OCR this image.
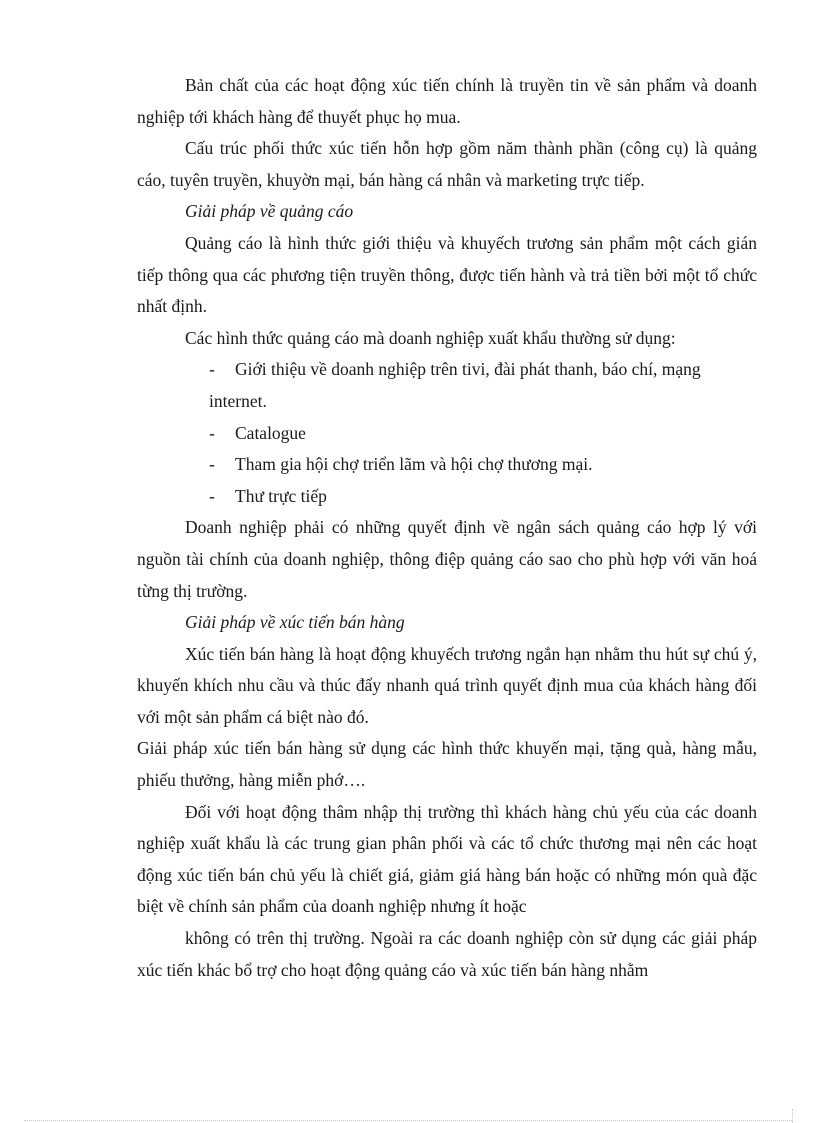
Bản chất của các hoạt động xúc tiến chính là truyền tin về sản phẩm và doanh nghiệp tới khách hàng để thuyết phục họ mua.

Cấu trúc phối thức xúc tiến hỗn hợp gồm năm thành phần (công cụ) là quảng cáo, tuyên truyền, khuyờn mại, bán hàng cá nhân và marketing trực tiếp.

Giải pháp về quảng cáo

Quảng cáo là hình thức giới thiệu và khuyếch trương sản phẩm một cách gián tiếp thông qua các phương tiện truyền thông, được tiến hành và trả tiền bởi một tổ chức nhất định.

Các hình thức quảng cáo mà doanh nghiệp xuất khẩu thường sử dụng:

-	Giới thiệu về doanh nghiệp trên tivi, đài phát thanh, báo chí, mạng
internet.
-	Catalogue
-	Tham gia hội chợ triển lãm và hội chợ thương mại.
-	Thư trực tiếp

Doanh nghiệp phải có những quyết định về ngân sách quảng cáo hợp lý với nguồn tài chính của doanh nghiệp, thông điệp quảng cáo sao cho phù hợp với văn hoá từng thị trường.

Giải pháp về xúc tiến bán hàng

Xúc tiến bán hàng là hoạt động khuyếch trương ngắn hạn nhằm thu hút sự chú ý, khuyến khích nhu cầu và thúc đẩy nhanh quá trình quyết định mua của khách hàng đối với một sản phẩm cá biệt nào đó.

Giải pháp xúc tiến bán hàng sử dụng các hình thức khuyến mại, tặng quà, hàng mẫu, phiếu thưởng, hàng miễn phớ….

Đối với hoạt động thâm nhập thị trường thì khách hàng chủ yếu của các doanh nghiệp xuất khẩu là các trung gian phân phối và các tổ chức thương mại nên các hoạt động xúc tiến bán chủ yếu là chiết giá, giảm giá hàng bán hoặc có những món quà đặc biệt về chính sản phẩm của doanh nghiệp nhưng ít hoặc

không có trên thị trường. Ngoài ra các doanh nghiệp còn sử dụng các giải pháp xúc tiến khác bổ trợ cho hoạt động quảng cáo và xúc tiến bán hàng nhằm
